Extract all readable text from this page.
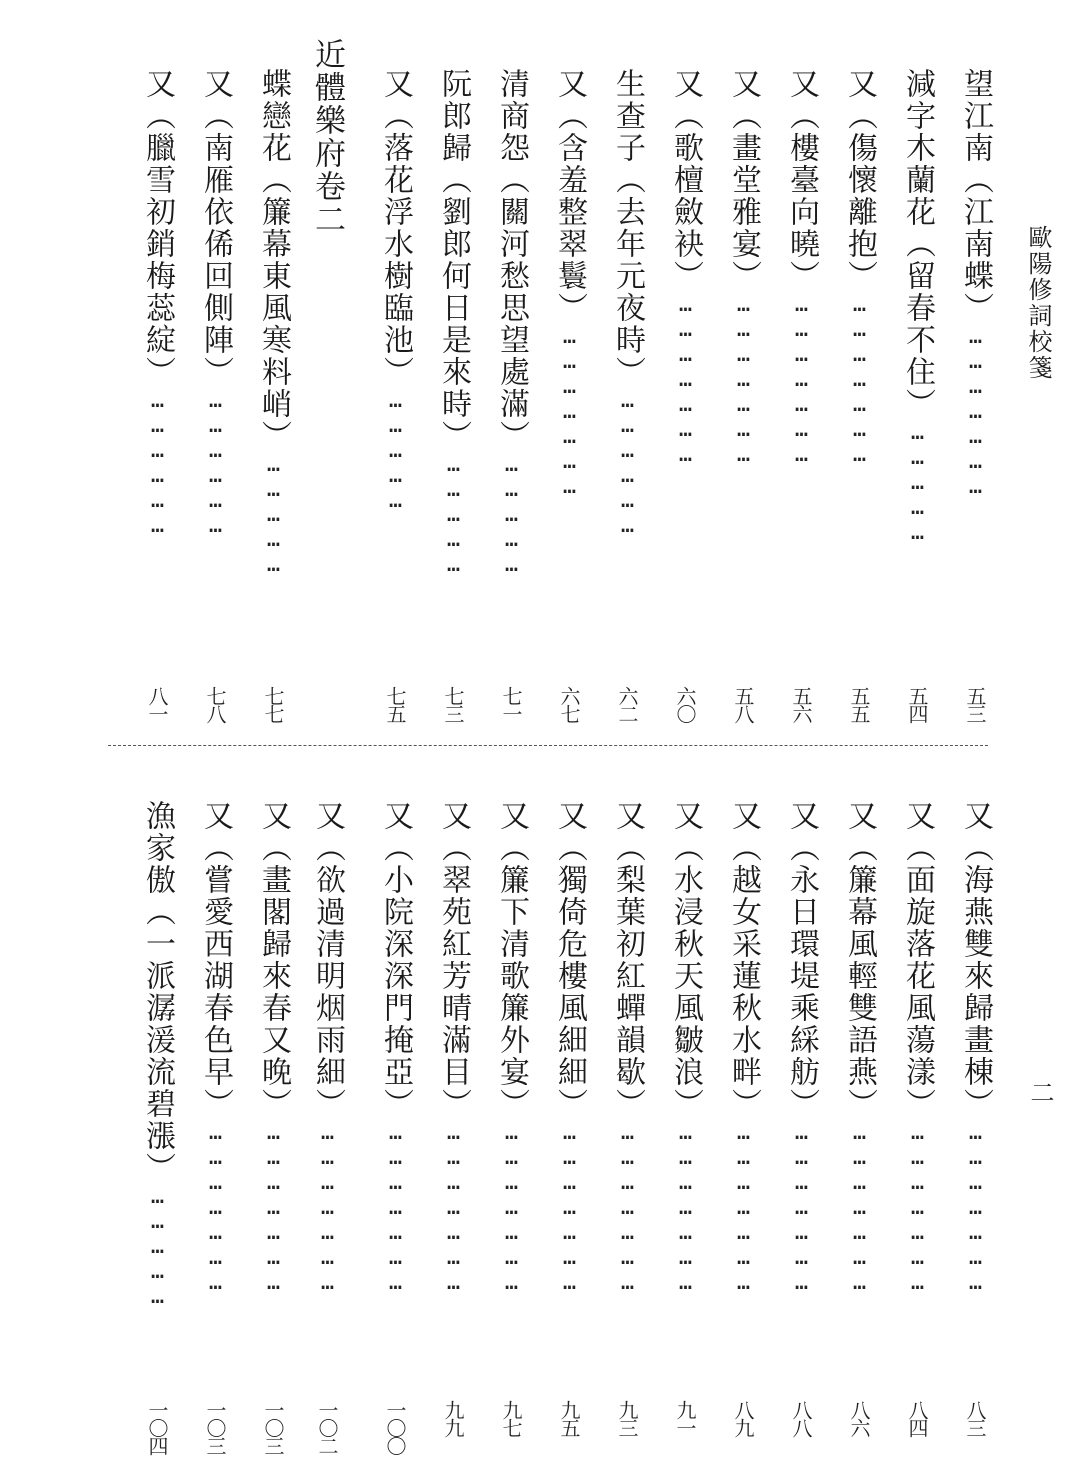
歐陽修詞校箋
二
望江南（江南蝶）…………………
五三
減字木蘭花（留春不住）……………
五四
又（傷懷離抱）…………………
五五
又（樓臺向曉）…………………
五六
又（畫堂雅宴）…………………
五八
又（歌檀斂袂）…………………
六〇
生查子（去年元夜時）………………
六二
又（含羞整翠鬟）…………………
六七
清商怨（關河愁思望處滿）……………
七一
阮郎歸（劉郎何日是來時）……………
七三
又（落花浮水樹臨池）……………
七五
近體樂府卷二
蝶戀花（簾幕東風寒料峭）……………
七七
又（南雁依俙回側陣）………………
七八
又（臘雪初銷梅蕊綻）………………
八一
又（海燕雙來歸畫棟）…………………
八三
又（面旋落花風蕩漾）…………………
八四
又（簾幕風輕雙語燕）…………………
八六
又（永日環堤乘綵舫）…………………
八八
又（越女采蓮秋水畔）…………………
八九
又（水浸秋天風皺浪）…………………
九一
又（梨葉初紅蟬韻歇）…………………
九三
又（獨倚危樓風細細）…………………
九五
又（簾下清歌簾外宴）…………………
九七
又（翠苑紅芳晴滿目）…………………
九九
又（小院深深門掩亞）…………………
一〇〇
又（欲過清明烟雨細）…………………
一〇二
又（畫閣歸來春又晚）…………………
一〇三
又（嘗愛西湖春色早）…………………
一〇三
漁家傲（一派潺湲流碧漲）……………
一〇四
